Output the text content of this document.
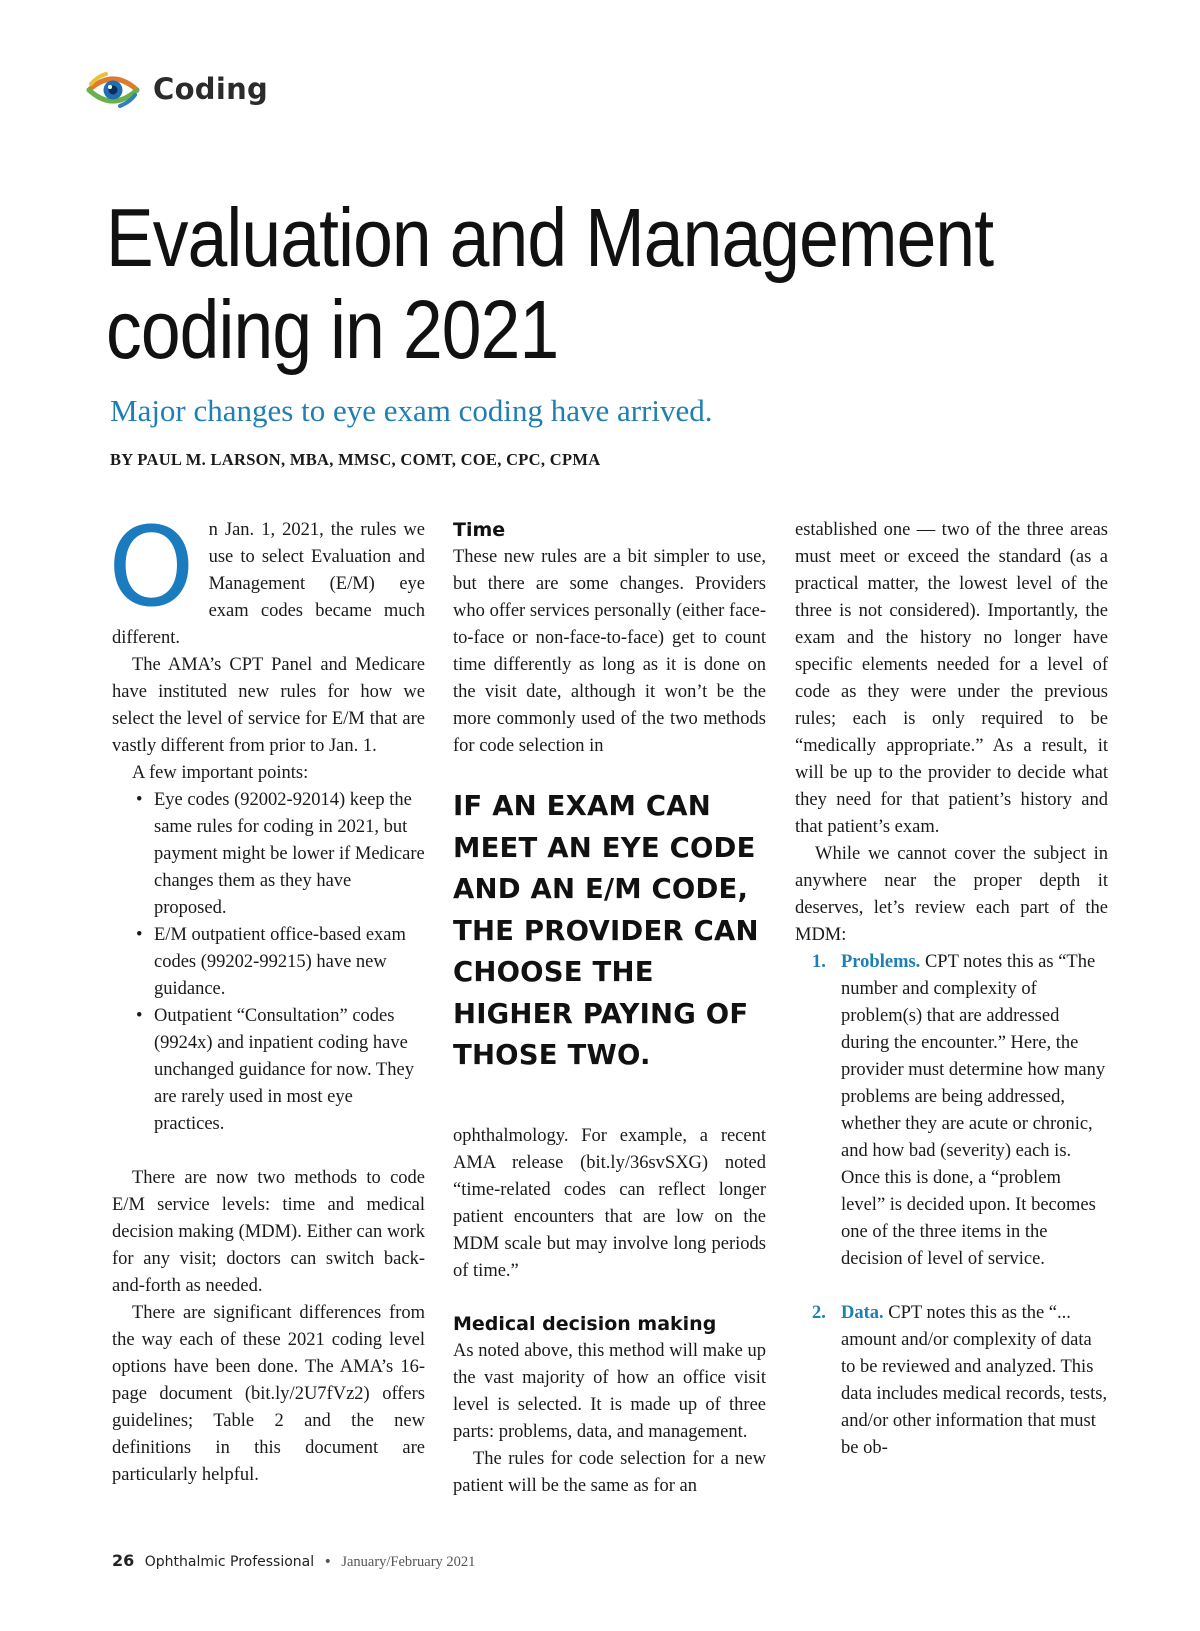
Coding
Evaluation and Management
coding in 2021
Major changes to eye exam coding have arrived.
BY PAUL M. LARSON, MBA, MMSC, COMT, COE, CPC, CPMA

On Jan. 1, 2021, the rules we use to select Evaluation and Management (E/M) eye exam codes became much different.

The AMA’s CPT Panel and Medicare have instituted new rules for how we select the level of service for E/M that are vastly different from prior to Jan. 1.

A few important points:

• Eye codes (92002-92014) keep the same rules for coding in 2021, but payment might be lower if Medicare changes them as they have proposed.
• E/M outpatient office-based exam codes (99202-99215) have new guidance.
• Outpatient “Consultation” codes (9924x) and inpatient coding have unchanged guidance for now. They are rarely used in most eye practices.

There are now two methods to code E/M service levels: time and medical decision making (MDM). Either can work for any visit; doctors can switch back-and-forth as needed.

There are significant differences from the way each of these 2021 coding level options have been done. The AMA’s 16-page document (bit.ly/2U7fVz2) offers guidelines; Table 2 and the new definitions in this document are particularly helpful.

Time

These new rules are a bit simpler to use, but there are some changes. Providers who offer services personally (either face-to-face or non-face-to-face) get to count time differently as long as it is done on the visit date, although it won’t be the more commonly used of the two methods for code selection in

IF AN EXAM CAN MEET AN EYE CODE AND AN E/M CODE, THE PROVIDER CAN CHOOSE THE HIGHER PAYING OF THOSE TWO.

ophthalmology. For example, a recent AMA release (bit.ly/36svSXG) noted “time-related codes can reflect longer patient encounters that are low on the MDM scale but may involve long periods of time.”

Medical decision making

As noted above, this method will make up the vast majority of how an office visit level is selected. It is made up of three parts: problems, data, and management.

The rules for code selection for a new patient will be the same as for an

established one — two of the three areas must meet or exceed the standard (as a practical matter, the lowest level of the three is not considered). Importantly, the exam and the history no longer have specific elements needed for a level of code as they were under the previous rules; each is only required to be “medically appropriate.” As a result, it will be up to the provider to decide what they need for that patient’s history and that patient’s exam.

While we cannot cover the subject in anywhere near the proper depth it deserves, let’s review each part of the MDM:

1. Problems. CPT notes this as “The number and complexity of problem(s) that are addressed during the encounter.” Here, the provider must determine how many problems are being addressed, whether they are acute or chronic, and how bad (severity) each is. Once this is done, a “problem level” is decided upon. It becomes one of the three items in the decision of level of service.
2. Data. CPT notes this as the “... amount and/or complexity of data to be reviewed and analyzed. This data includes medical records, tests, and/or other information that must be ob-
26 Ophthalmic Professional • January/February 2021
